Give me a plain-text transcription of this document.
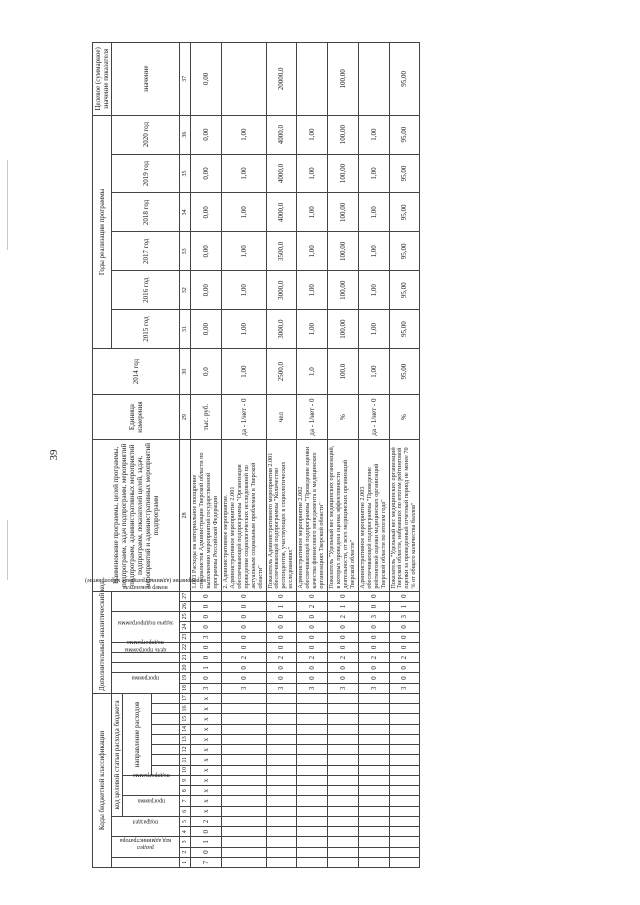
39
Коды бюджетной классификации																	Дополнительный аналитический код										Наименование программы, целей программы, подпрограмм, задач подпрограмм, мероприятий подпрограмм, административных мероприятий подпрограмм, показателей целей, задач, мероприятий и административных мероприятий подпрограмм	Единица измерения	2014 год	Годы реализации программы						Целевое (суммарное) значение показателя
код администратора	раздел		подраздел		код целевой статьи расхода бюджета												программа		цель программы	подпрограмма	задача подпрограммы	мероприятие (административное мероприятие)			номер показателя					2015 год	2016 год	2017 год	2018 год	2019 год	2020 год	значение
					программа		подпрограмма		направление расходов																											

1	2	3	4	5	6	7	8	9	10	11	12	13	14	15	16	17	18	19	20	21	22	23	24	25	26	27	28	29	30	31	32	33	34	35	36	37
7	0	1	0	2	х	х	х	х	х	х	х	х	х	х	х	х	3	0	1	0	0	3	0	0	0	0	1.003 Расходы на материальное поощрение специалистов Администрации Тверской области по выполнению мероприятий государственной программы Российской Федерации	тыс. руб.	0,0	0,00	0,00	0,00	0,00	0,00	0,00	0,00
																	3	0	0	2	0	0	0	0	0	0	2. Административное мероприятие. Административное мероприятие 2.001 обеспечивающей подпрограммы "Организация проведения социологических исследований по актуальным социальным проблемам в Тверской области"	да - 1/нет - 0	1,00	1,00	1,00	1,00	1,00	1,00	1,00	
																	3	0	0	2	0	0	0	0	1	0	Показатель Административного мероприятия 2.001 обеспечивающей подпрограммы "Количество респондентов, участвующих в социологических исследованиях"	чел	2500,0	3000,0	3000,0	3500,0	4000,0	4000,0	4000,0	20000,0
																	3	0	0	2	0	0	0	0	2	0	Административное мероприятие 2.002 обеспечивающей подпрограммы "Проведение оценки качества финансового менеджмента в медицинских организациях Тверской области"	да - 1/нет - 0	1,0	1,00	1,00	1,00	1,00	1,00	1,00	
																	3	0	0	2	0	0	0	2	1	0	Показатель "Удельный вес медицинских организаций, в которых проведена оценка эффективности деятельности, от всех медицинских организаций Тверской области"	%	100,0	100,00	100,00	100,00	100,00	100,00	100,00	100,00
																	3	0	0	2	0	0	0	3	0	0	Административное мероприятие 2.003 обеспечивающей подпрограммы "Проведение рейтинговой оценки медицинских организаций Тверской области по итогам года"	да - 1/нет - 0	1,00	1,00	1,00	1,00	1,00	1,00	1,00	
																	3	0	0	2	0	0	0	3	1	0	Показатель "Удельный вес медицинских организаций Тверской области, набравших по итогам рейтинговой оценки за проведенный отчетный период не менее 70 % от общего количества баллов"	%	95,00	95,00	95,00	95,00	95,00	95,00	95,00	95,00
